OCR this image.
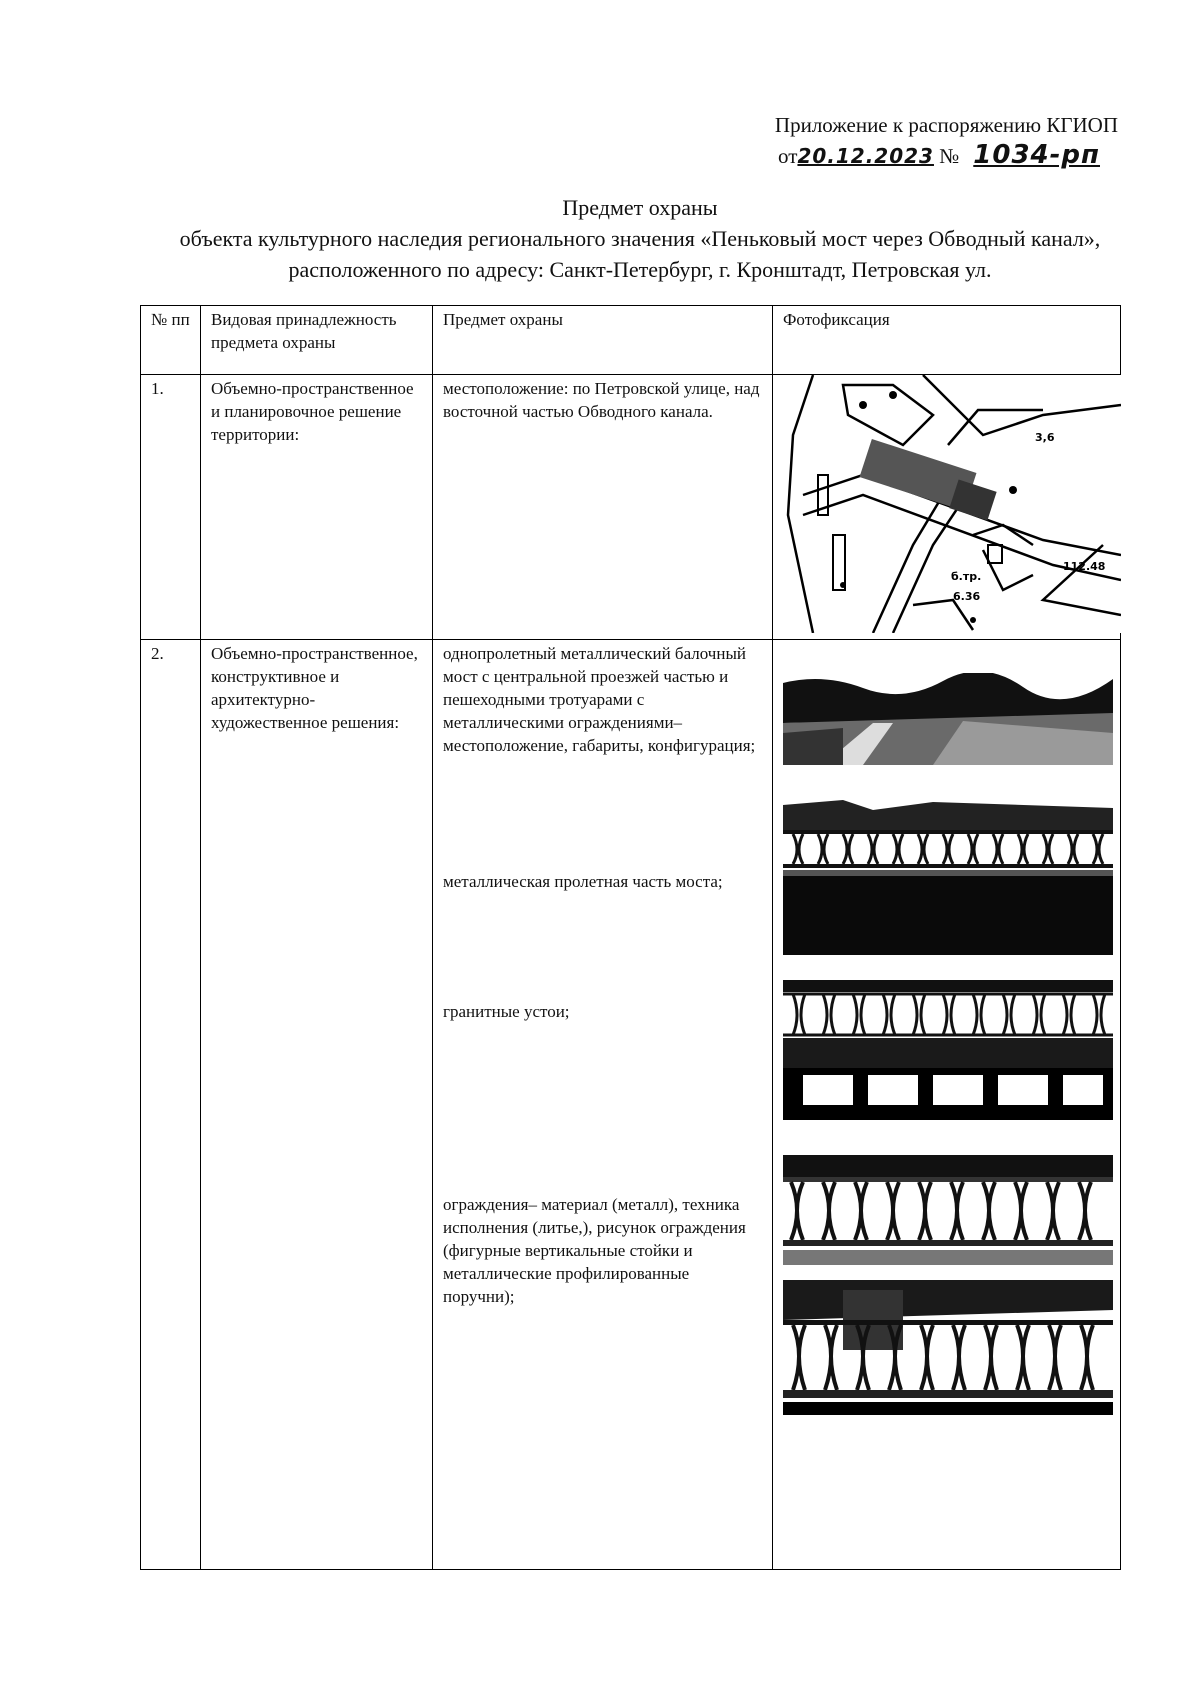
Приложение к распоряжению КГИОП
от20.12.2023 № 1034-рп
Предмет охраны
объекта культурного наследия регионального значения «Пеньковый мост через Обводный канал», расположенного по адресу: Санкт-Петербург, г. Кронштадт, Петровская ул.
№ пп	Видовая принадлежность предмета охраны	Предмет охраны	Фотофиксация
1.	Объемно-пространственное и планировочное решение территории:	местоположение: по Петровской улице, над восточной частью Обводного канала.	3,6
б.тр.
112.48
6.36

2.	Объемно-пространственное, конструктивное и архитектурно-художественное решения:	однопролетный металлический балочный мост с центральной проезжей частью и пешеходными тротуарами с металлическими ограждениями– местоположение, габариты, конфигурация;
металлическая пролетная часть моста;
гранитные устои;
ограждения– материал (металл), техника исполнения (литье,), рисунок ограждения (фигурные вертикальные стойки и металлические профилированные поручни);
